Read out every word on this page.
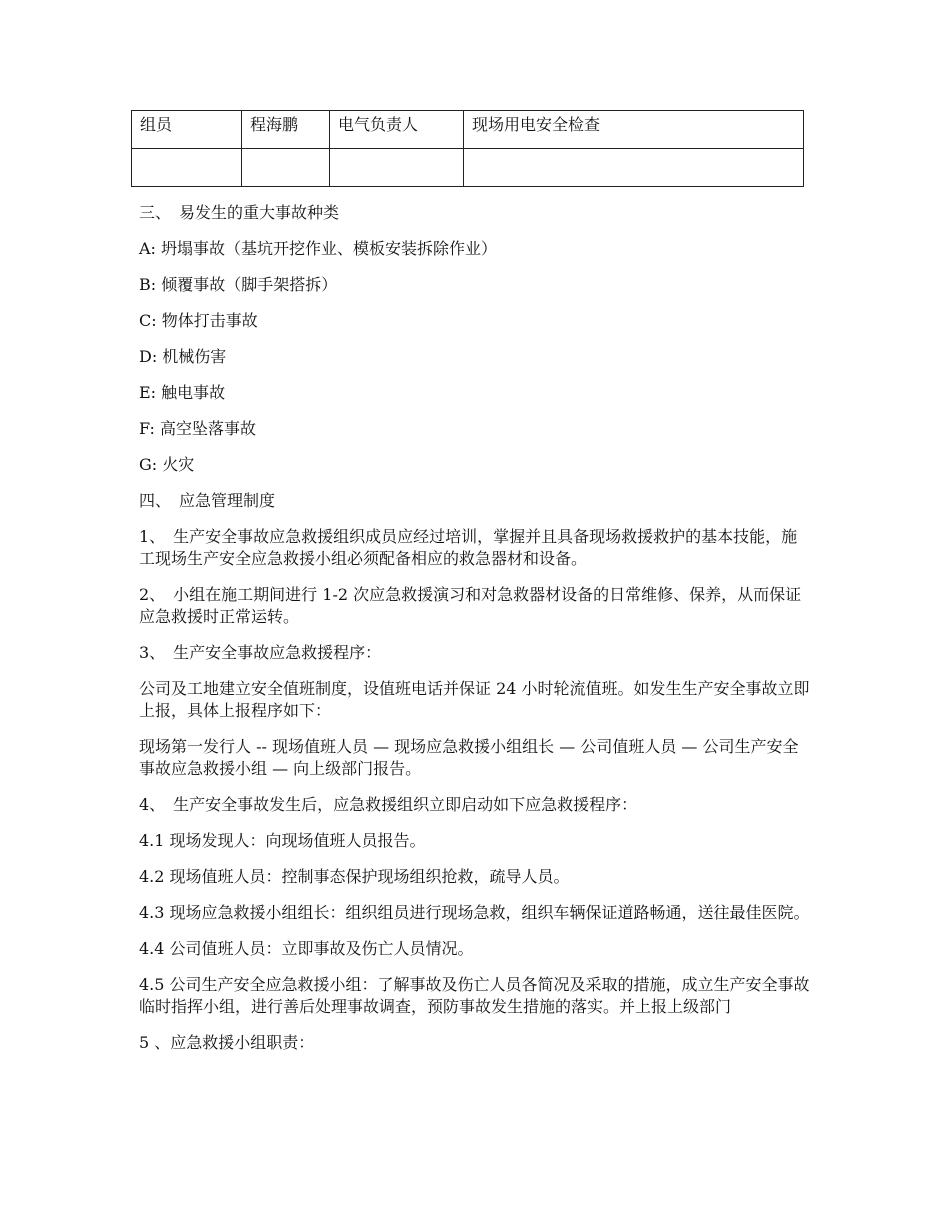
组员	程海鹏	电气负责人	现场用电安全检查

三、　易发生的重大事故种类

A: 坍塌事故（基坑开挖作业、模板安装拆除作业）

B: 倾覆事故（脚手架搭拆）

C: 物体打击事故

D: 机械伤害

E: 触电事故

F: 高空坠落事故

G: 火灾

四、　应急管理制度

1、　生产安全事故应急救援组织成员应经过培训，掌握并且具备现场救援救护的基本技能，施工现场生产安全应急救援小组必须配备相应的救急器材和设备。

2、　小组在施工期间进行 1-2 次应急救援演习和对急救器材设备的日常维修、保养，从而保证应急救援时正常运转。

3、　生产安全事故应急救援程序：

公司及工地建立安全值班制度，设值班电话并保证 24 小时轮流值班。如发生生产安全事故立即上报，具体上报程序如下：

现场第一发行人 -- 现场值班人员 — 现场应急救援小组组长 — 公司值班人员 — 公司生产安全事故应急救援小组 — 向上级部门报告。

4、　生产安全事故发生后，应急救援组织立即启动如下应急救援程序：

4.1 现场发现人：向现场值班人员报告。

4.2 现场值班人员：控制事态保护现场组织抢救，疏导人员。

4.3 现场应急救援小组组长：组织组员进行现场急救，组织车辆保证道路畅通，送往最佳医院。

4.4 公司值班人员：立即事故及伤亡人员情况。

4.5 公司生产安全应急救援小组：了解事故及伤亡人员各简况及采取的措施，成立生产安全事故临时指挥小组，进行善后处理事故调查，预防事故发生措施的落实。并上报上级部门

5 、应急救援小组职责：
